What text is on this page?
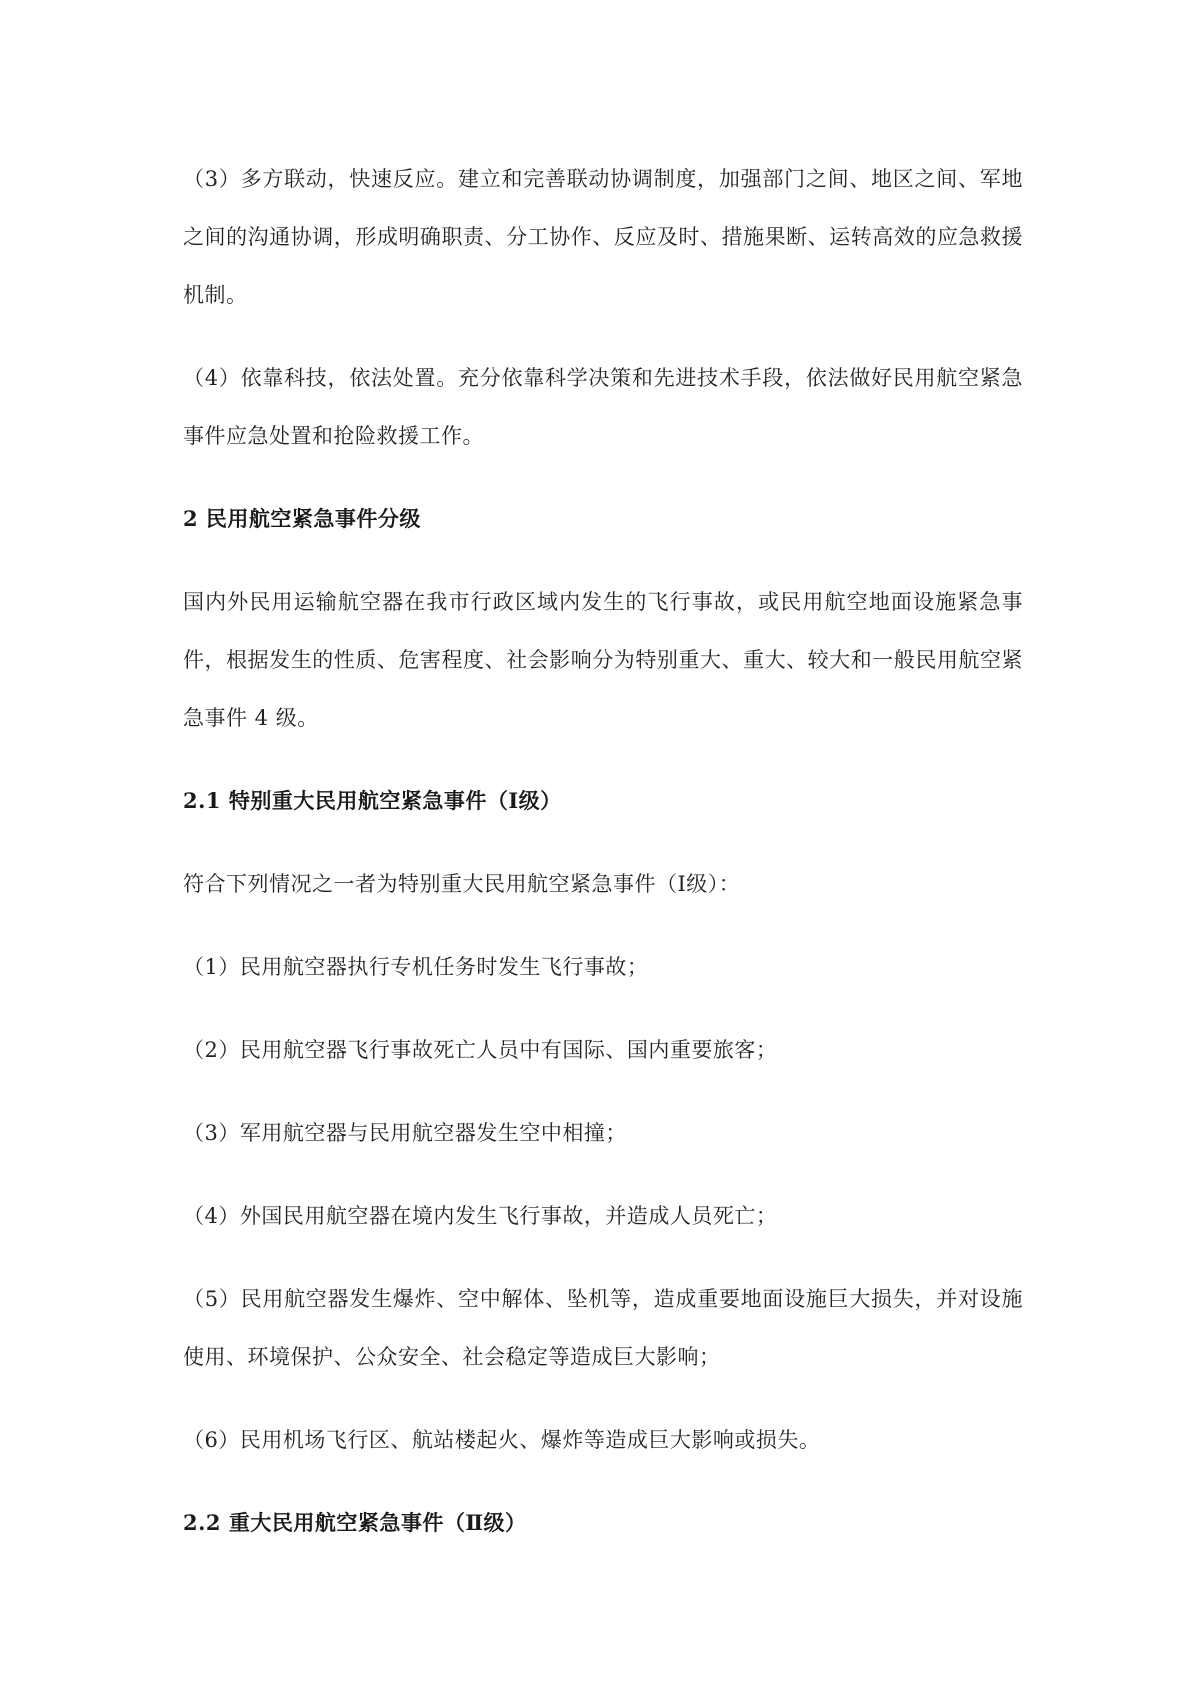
（3）多方联动，快速反应。建立和完善联动协调制度，加强部门之间、地区之间、军地之间的沟通协调，形成明确职责、分工协作、反应及时、措施果断、运转高效的应急救援机制。

（4）依靠科技，依法处置。充分依靠科学决策和先进技术手段，依法做好民用航空紧急事件应急处置和抢险救援工作。

2 民用航空紧急事件分级

国内外民用运输航空器在我市行政区域内发生的飞行事故，或民用航空地面设施紧急事件，根据发生的性质、危害程度、社会影响分为特别重大、重大、较大和一般民用航空紧急事件 4 级。

2.1 特别重大民用航空紧急事件（Ⅰ级）

符合下列情况之一者为特别重大民用航空紧急事件（Ⅰ级）：

（1）民用航空器执行专机任务时发生飞行事故；

（2）民用航空器飞行事故死亡人员中有国际、国内重要旅客；

（3）军用航空器与民用航空器发生空中相撞；

（4）外国民用航空器在境内发生飞行事故，并造成人员死亡；

（5）民用航空器发生爆炸、空中解体、坠机等，造成重要地面设施巨大损失，并对设施使用、环境保护、公众安全、社会稳定等造成巨大影响；

（6）民用机场飞行区、航站楼起火、爆炸等造成巨大影响或损失。

2.2 重大民用航空紧急事件（Ⅱ级）
